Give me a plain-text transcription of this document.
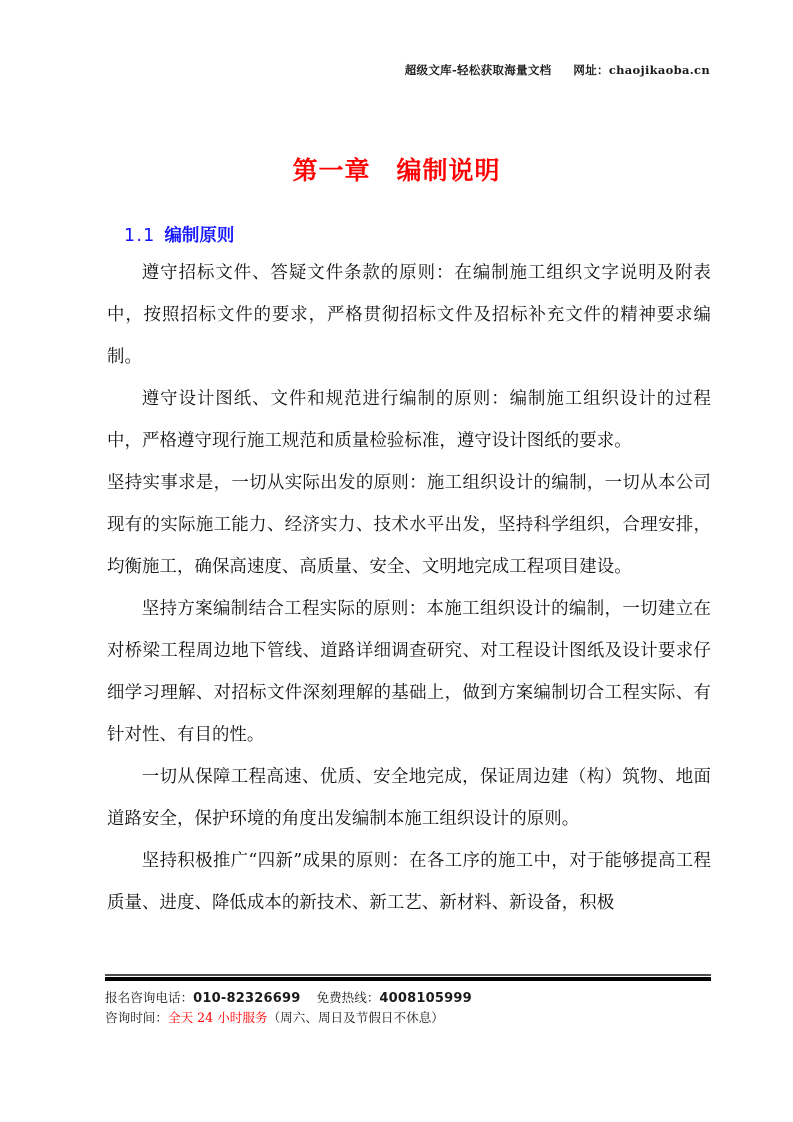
超级文库-轻松获取海量文档 网址：chaojikaoba.cn
第一章 编制说明
1.1 编制原则

遵守招标文件、答疑文件条款的原则：在编制施工组织文字说明及附表中，按照招标文件的要求，严格贯彻招标文件及招标补充文件的精神要求编制。

遵守设计图纸、文件和规范进行编制的原则：编制施工组织设计的过程中，严格遵守现行施工规范和质量检验标准，遵守设计图纸的要求。

坚持实事求是，一切从实际出发的原则：施工组织设计的编制，一切从本公司现有的实际施工能力、经济实力、技术水平出发，坚持科学组织，合理安排，均衡施工，确保高速度、高质量、安全、文明地完成工程项目建设。

坚持方案编制结合工程实际的原则：本施工组织设计的编制，一切建立在对桥梁工程周边地下管线、道路详细调查研究、对工程设计图纸及设计要求仔细学习理解、对招标文件深刻理解的基础上，做到方案编制切合工程实际、有针对性、有目的性。

一切从保障工程高速、优质、安全地完成，保证周边建（构）筑物、地面道路安全，保护环境的角度出发编制本施工组织设计的原则。

坚持积极推广“四新”成果的原则：在各工序的施工中，对于能够提高工程质量、进度、降低成本的新技术、新工艺、新材料、新设备，积极

报名咨询电话：010-82326699 免费热线：4008105999
咨询时间：全天 24 小时服务（周六、周日及节假日不休息）
